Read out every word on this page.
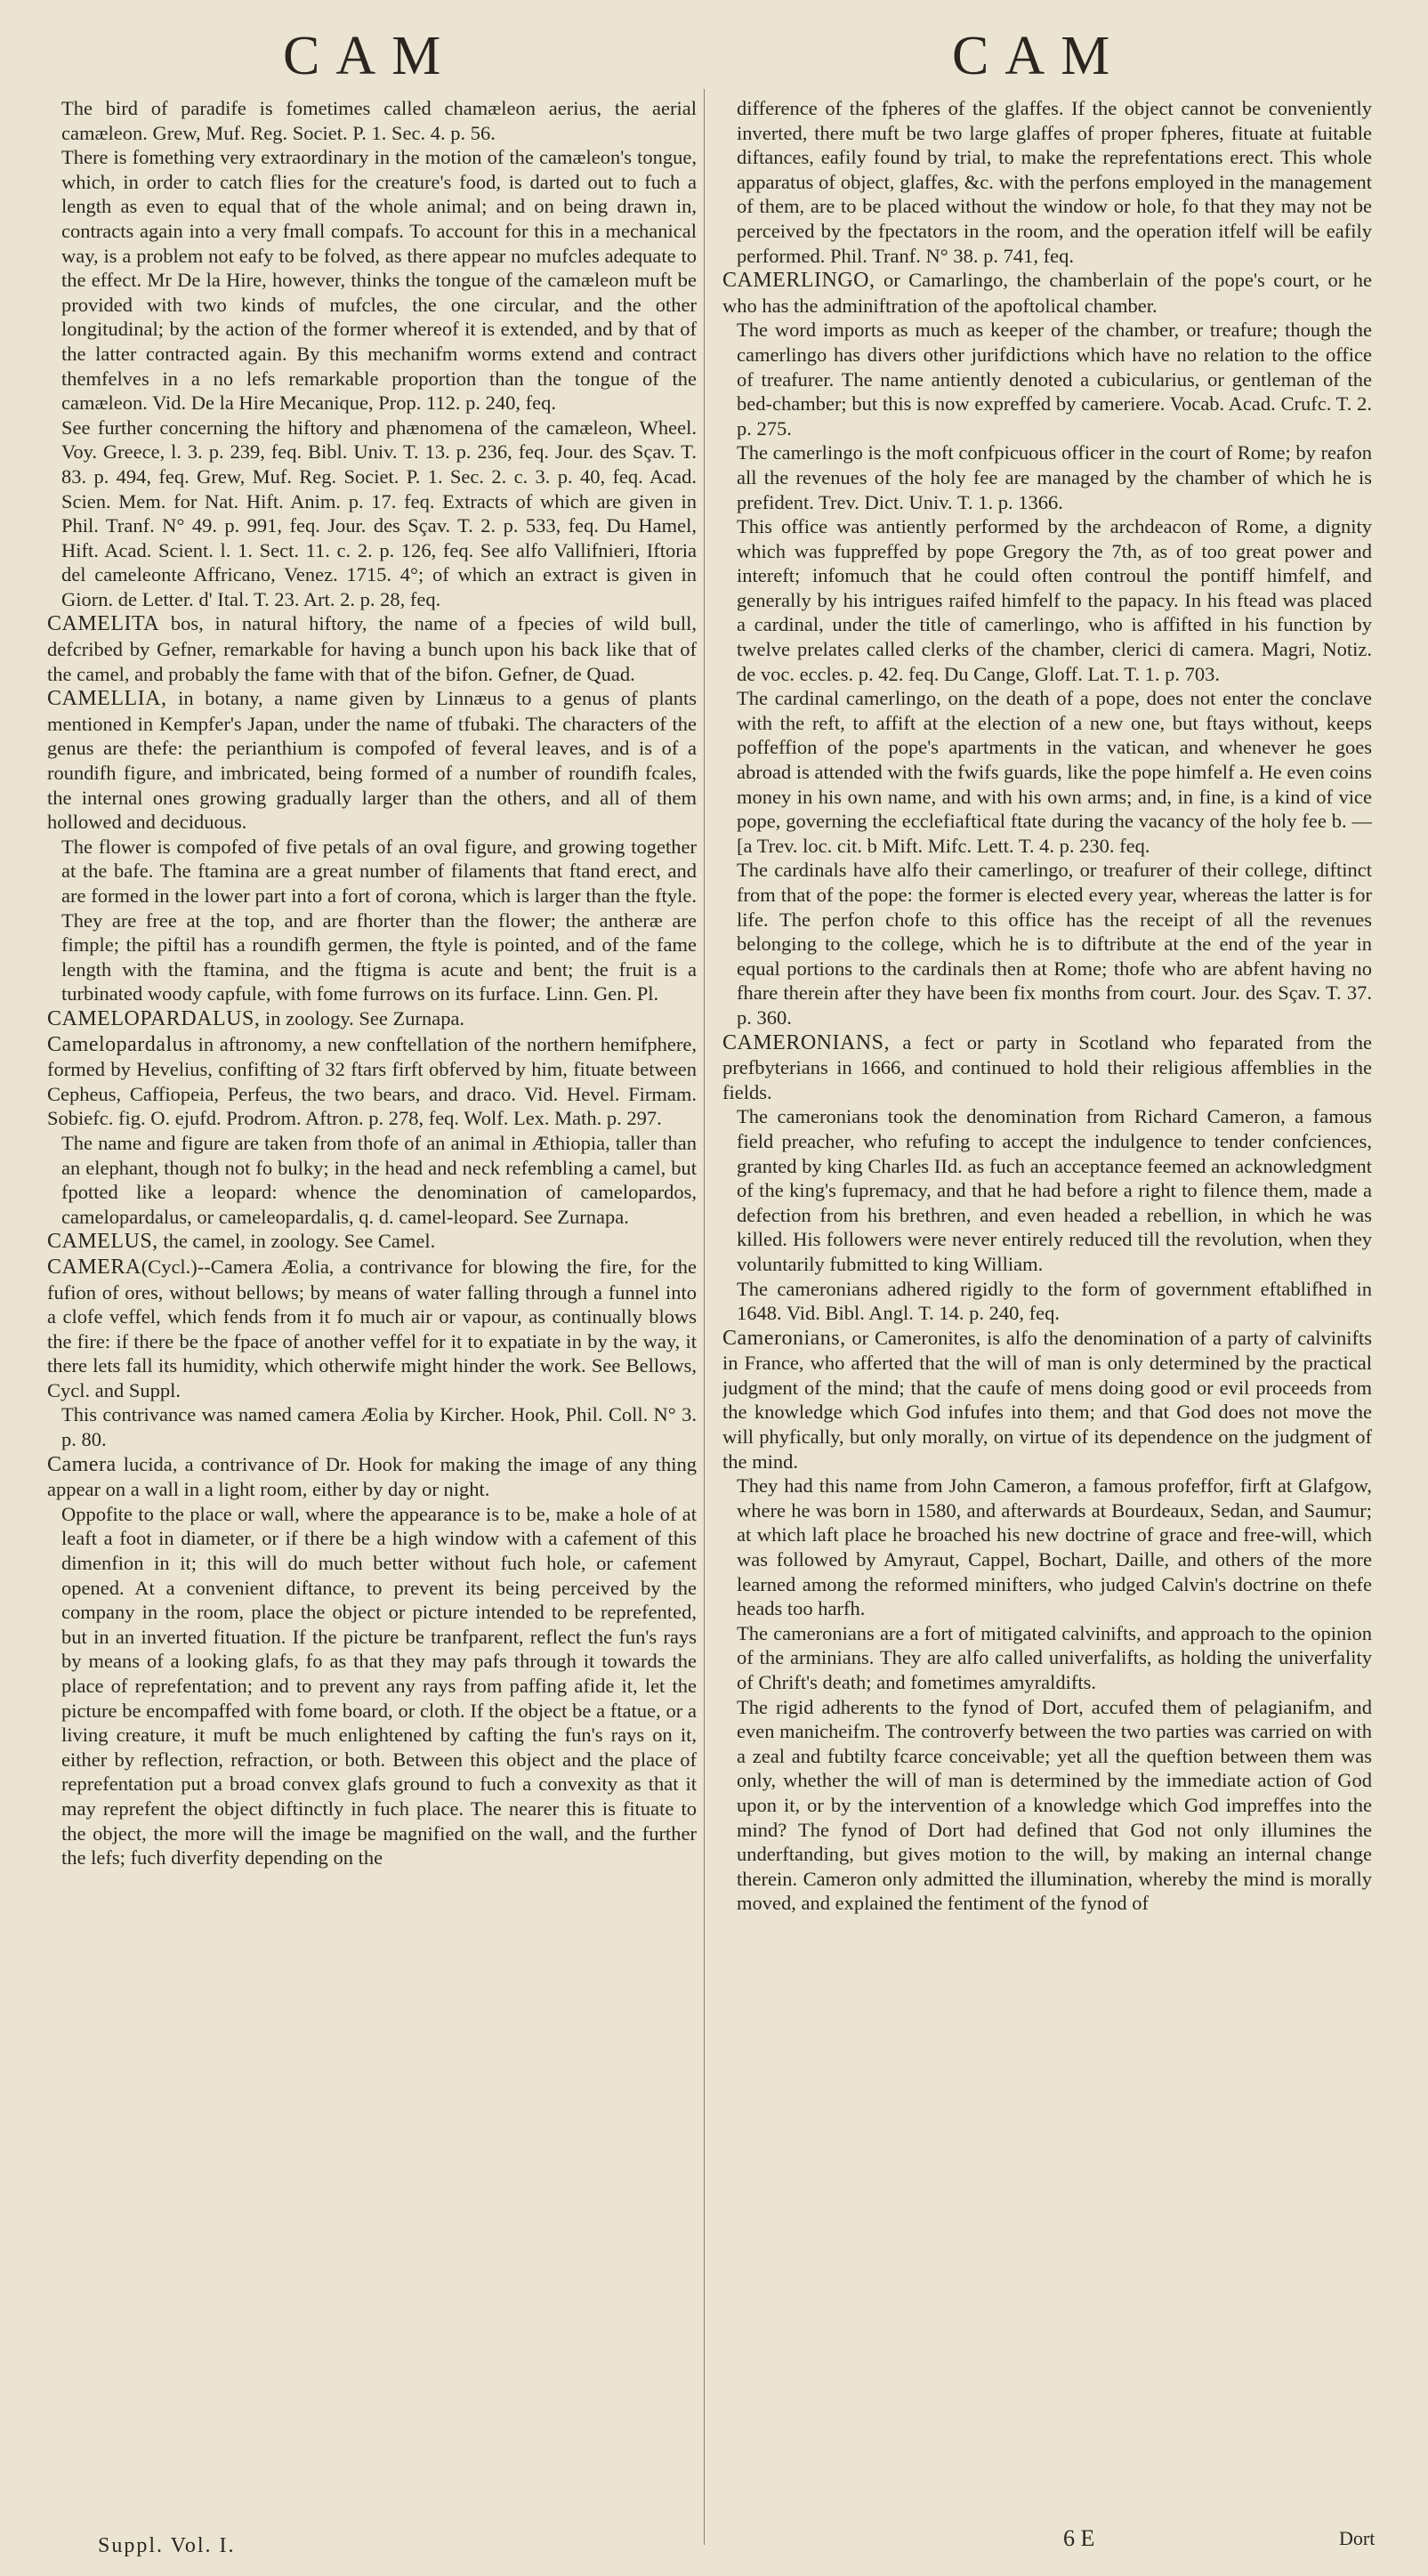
CAM	CAM

The bird of paradife is fometimes called chamæleon aerius, the aerial camæleon. Grew, Muf. Reg. Societ. P. 1. Sec. 4. p. 56.

There is fomething very extraordinary in the motion of the camæleon's tongue, which, in order to catch flies for the creature's food, is darted out to fuch a length as even to equal that of the whole animal; and on being drawn in, contracts again into a very fmall compafs. To account for this in a mechanical way, is a problem not eafy to be folved, as there appear no mufcles adequate to the effect. Mr De la Hire, however, thinks the tongue of the camæleon muft be provided with two kinds of mufcles, the one circular, and the other longitudinal; by the action of the former whereof it is extended, and by that of the latter contracted again. By this mechanifm worms extend and contract themfelves in a no lefs remarkable proportion than the tongue of the camæleon. Vid. De la Hire Mecanique, Prop. 112. p. 240, feq.

See further concerning the hiftory and phænomena of the camæleon, Wheel. Voy. Greece, l. 3. p. 239, feq. Bibl. Univ. T. 13. p. 236, feq. Jour. des Sçav. T. 83. p. 494, feq. Grew, Muf. Reg. Societ. P. 1. Sec. 2. c. 3. p. 40, feq. Acad. Scien. Mem. for Nat. Hift. Anim. p. 17. feq. Extracts of which are given in Phil. Tranf. N° 49. p. 991, feq. Jour. des Sçav. T. 2. p. 533, feq. Du Hamel, Hift. Acad. Scient. l. 1. Sect. 11. c. 2. p. 126, feq. See alfo Vallifnieri, Iftoria del cameleonte Affricano, Venez. 1715. 4°; of which an extract is given in Giorn. de Letter. d' Ital. T. 23. Art. 2. p. 28, feq.

CAMELITA bos, in natural hiftory, the name of a fpecies of wild bull, defcribed by Gefner, remarkable for having a bunch upon his back like that of the camel, and probably the fame with that of the bifon. Gefner, de Quad.

CAMELLIA, in botany, a name given by Linnæus to a genus of plants mentioned in Kempfer's Japan, under the name of tfubaki. The characters of the genus are thefe: the perianthium is compofed of feveral leaves, and is of a roundifh figure, and imbricated, being formed of a number of roundifh fcales, the internal ones growing gradually larger than the others, and all of them hollowed and deciduous.

The flower is compofed of five petals of an oval figure, and growing together at the bafe. The ftamina are a great number of filaments that ftand erect, and are formed in the lower part into a fort of corona, which is larger than the ftyle. They are free at the top, and are fhorter than the flower; the antheræ are fimple; the piftil has a roundifh germen, the ftyle is pointed, and of the fame length with the ftamina, and the ftigma is acute and bent; the fruit is a turbinated woody capfule, with fome furrows on its furface. Linn. Gen. Pl.

CAMELOPARDALUS, in zoology. See Zurnapa.

Camelopardalus in aftronomy, a new conftellation of the northern hemifphere, formed by Hevelius, confifting of 32 ftars firft obferved by him, fituate between Cepheus, Caffiopeia, Perfeus, the two bears, and draco. Vid. Hevel. Firmam. Sobiefc. fig. O. ejufd. Prodrom. Aftron. p. 278, feq. Wolf. Lex. Math. p. 297.

The name and figure are taken from thofe of an animal in Æthiopia, taller than an elephant, though not fo bulky; in the head and neck refembling a camel, but fpotted like a leopard: whence the denomination of camelopardos, camelopardalus, or cameleopardalis, q. d. camel-leopard. See Zurnapa.

CAMELUS, the camel, in zoology. See Camel.

CAMERA(Cycl.)--Camera Æolia, a contrivance for blowing the fire, for the fufion of ores, without bellows; by means of water falling through a funnel into a clofe veffel, which fends from it fo much air or vapour, as continually blows the fire: if there be the fpace of another veffel for it to expatiate in by the way, it there lets fall its humidity, which otherwife might hinder the work. See Bellows, Cycl. and Suppl.

This contrivance was named camera Æolia by Kircher. Hook, Phil. Coll. N° 3. p. 80.

Camera lucida, a contrivance of Dr. Hook for making the image of any thing appear on a wall in a light room, either by day or night.

Oppofite to the place or wall, where the appearance is to be, make a hole of at leaft a foot in diameter, or if there be a high window with a cafement of this dimenfion in it; this will do much better without fuch hole, or cafement opened. At a convenient diftance, to prevent its being perceived by the company in the room, place the object or picture intended to be reprefented, but in an inverted fituation. If the picture be tranfparent, reflect the fun's rays by means of a looking glafs, fo as that they may pafs through it towards the place of reprefentation; and to prevent any rays from paffing afide it, let the picture be encompaffed with fome board, or cloth. If the object be a ftatue, or a living creature, it muft be much enlightened by cafting the fun's rays on it, either by reflection, refraction, or both. Between this object and the place of reprefentation put a broad convex glafs ground to fuch a convexity as that it may reprefent the object diftinctly in fuch place. The nearer this is fituate to the object, the more will the image be magnified on the wall, and the further the lefs; fuch diverfity depending on the

difference of the fpheres of the glaffes. If the object cannot be conveniently inverted, there muft be two large glaffes of proper fpheres, fituate at fuitable diftances, eafily found by trial, to make the reprefentations erect. This whole apparatus of object, glaffes, &c. with the perfons employed in the management of them, are to be placed without the window or hole, fo that they may not be perceived by the fpectators in the room, and the operation itfelf will be eafily performed. Phil. Tranf. N° 38. p. 741, feq.

CAMERLINGO, or Camarlingo, the chamberlain of the pope's court, or he who has the adminiftration of the apoftolical chamber.

The word imports as much as keeper of the chamber, or treafure; though the camerlingo has divers other jurifdictions which have no relation to the office of treafurer. The name antiently denoted a cubicularius, or gentleman of the bed-chamber; but this is now expreffed by cameriere. Vocab. Acad. Crufc. T. 2. p. 275.

The camerlingo is the moft confpicuous officer in the court of Rome; by reafon all the revenues of the holy fee are managed by the chamber of which he is prefident. Trev. Dict. Univ. T. 1. p. 1366.

This office was antiently performed by the archdeacon of Rome, a dignity which was fuppreffed by pope Gregory the 7th, as of too great power and intereft; infomuch that he could often controul the pontiff himfelf, and generally by his intrigues raifed himfelf to the papacy. In his ftead was placed a cardinal, under the title of camerlingo, who is affifted in his function by twelve prelates called clerks of the chamber, clerici di camera. Magri, Notiz. de voc. eccles. p. 42. feq. Du Cange, Gloff. Lat. T. 1. p. 703.

The cardinal camerlingo, on the death of a pope, does not enter the conclave with the reft, to affift at the election of a new one, but ftays without, keeps poffeffion of the pope's apartments in the vatican, and whenever he goes abroad is attended with the fwifs guards, like the pope himfelf a. He even coins money in his own name, and with his own arms; and, in fine, is a kind of vice pope, governing the ecclefiaftical ftate during the vacancy of the holy fee b. — [a Trev. loc. cit. b Mift. Mifc. Lett. T. 4. p. 230. feq.

The cardinals have alfo their camerlingo, or treafurer of their college, diftinct from that of the pope: the former is elected every year, whereas the latter is for life. The perfon chofe to this office has the receipt of all the revenues belonging to the college, which he is to diftribute at the end of the year in equal portions to the cardinals then at Rome; thofe who are abfent having no fhare therein after they have been fix months from court. Jour. des Sçav. T. 37. p. 360.

CAMERONIANS, a fect or party in Scotland who feparated from the prefbyterians in 1666, and continued to hold their religious affemblies in the fields.

The cameronians took the denomination from Richard Cameron, a famous field preacher, who refufing to accept the indulgence to tender confciences, granted by king Charles IId. as fuch an acceptance feemed an acknowledgment of the king's fupremacy, and that he had before a right to filence them, made a defection from his brethren, and even headed a rebellion, in which he was killed. His followers were never entirely reduced till the revolution, when they voluntarily fubmitted to king William.

The cameronians adhered rigidly to the form of government eftablifhed in 1648. Vid. Bibl. Angl. T. 14. p. 240, feq.

Cameronians, or Cameronites, is alfo the denomination of a party of calvinifts in France, who afferted that the will of man is only determined by the practical judgment of the mind; that the caufe of mens doing good or evil proceeds from the knowledge which God infufes into them; and that God does not move the will phyfically, but only morally, on virtue of its dependence on the judgment of the mind.

They had this name from John Cameron, a famous profeffor, firft at Glafgow, where he was born in 1580, and afterwards at Bourdeaux, Sedan, and Saumur; at which laft place he broached his new doctrine of grace and free-will, which was followed by Amyraut, Cappel, Bochart, Daille, and others of the more learned among the reformed minifters, who judged Calvin's doctrine on thefe heads too harfh.

The cameronians are a fort of mitigated calvinifts, and approach to the opinion of the arminians. They are alfo called univerfalifts, as holding the univerfality of Chrift's death; and fometimes amyraldifts.

The rigid adherents to the fynod of Dort, accufed them of pelagianifm, and even manicheifm. The controverfy between the two parties was carried on with a zeal and fubtilty fcarce conceivable; yet all the queftion between them was only, whether the will of man is determined by the immediate action of God upon it, or by the intervention of a knowledge which God impreffes into the mind? The fynod of Dort had defined that God not only illumines the underftanding, but gives motion to the will, by making an internal change therein. Cameron only admitted the illumination, whereby the mind is morally moved, and explained the fentiment of the fynod of

Suppl. Vol. I.	6 E	Dort
